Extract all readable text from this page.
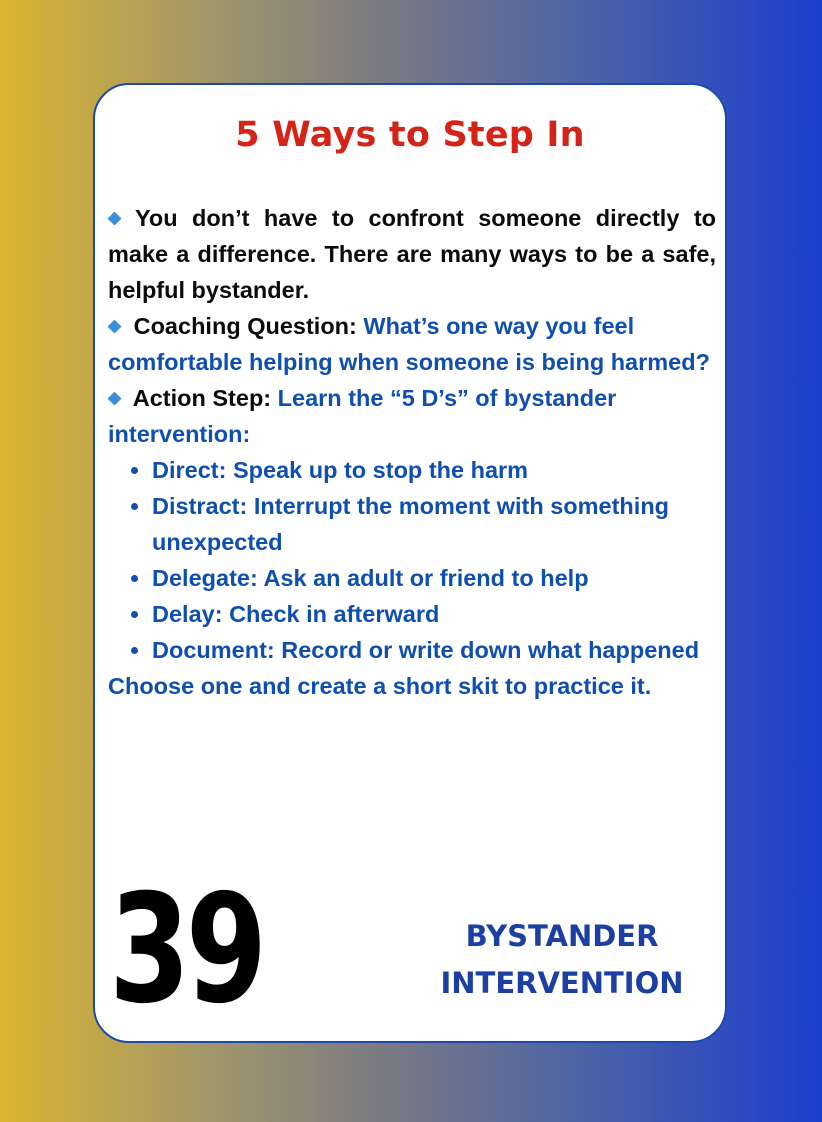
5 Ways to Step In

◆ You don’t have to confront someone directly to make a difference. There are many ways to be a safe, helpful bystander.

◆ Coaching Question: What’s one way you feel comfortable helping when someone is being harmed?

◆ Action Step: Learn the “5 D’s” of bystander intervention:

Direct: Speak up to stop the harm
Distract: Interrupt the moment with something unexpected
Delegate: Ask an adult or friend to help
Delay: Check in afterward
Document: Record or write down what happened

Choose one and create a short skit to practice it.

39	BYSTANDER
INTERVENTION
